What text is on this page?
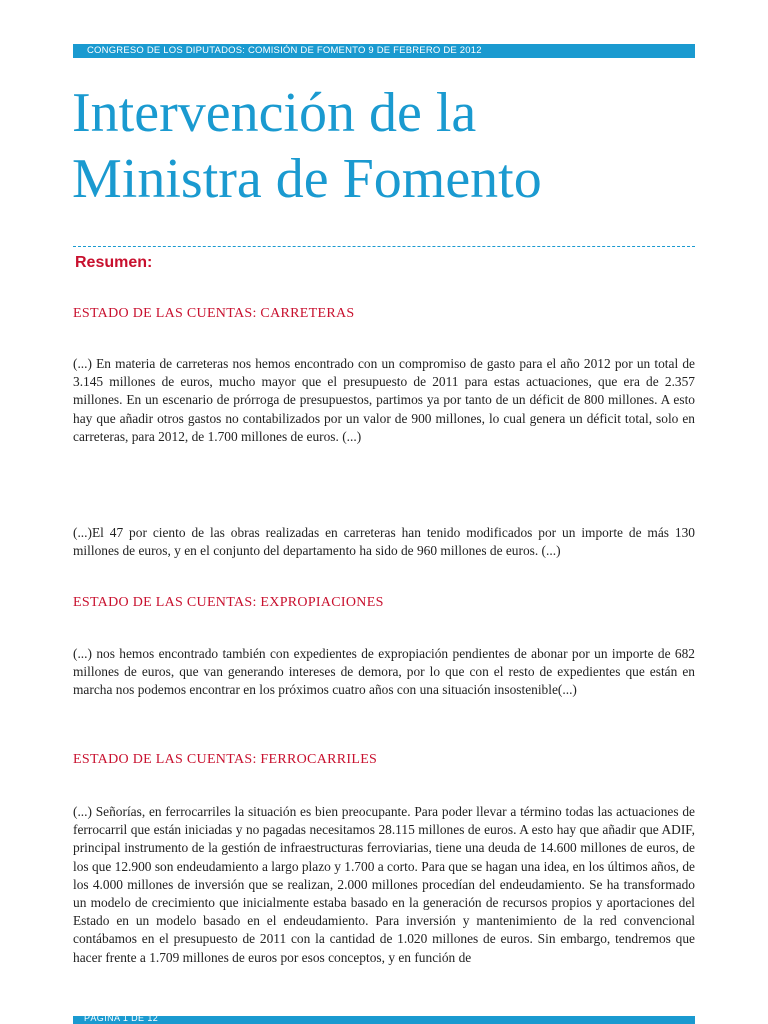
CONGRESO DE LOS DIPUTADOS: COMISIÓN DE FOMENTO 9 DE FEBRERO DE 2012
Intervención de la
Ministra de Fomento
Resumen:
ESTADO DE LAS CUENTAS: CARRETERAS

(...) En materia de carreteras nos hemos encontrado con un compromiso de gasto para el año 2012 por un total de 3.145 millones de euros, mucho mayor que el presupuesto de 2011 para estas actuaciones, que era de 2.357 millones. En un escenario de prórroga de presupuestos, partimos ya por tanto de un déficit de 800 millones. A esto hay que añadir otros gastos no contabilizados por un valor de 900 millones, lo cual genera un déficit total, solo en carreteras, para 2012, de 1.700 millones de euros. (...)

(...)El 47 por ciento de las obras realizadas en carreteras han tenido modificados por un importe de más 130 millones de euros, y en el conjunto del departamento ha sido de 960 millones de euros. (...)

ESTADO DE LAS CUENTAS: EXPROPIACIONES

(...) nos hemos encontrado también con expedientes de expropiación pendientes de abonar por un importe de 682 millones de euros, que van generando intereses de demora, por lo que con el resto de expedientes que están en marcha nos podemos encontrar en los próximos cuatro años con una situación insostenible(...)

ESTADO DE LAS CUENTAS: FERROCARRILES

(...) Señorías, en ferrocarriles la situación es bien preocupante. Para poder llevar a término todas las actuaciones de ferrocarril que están iniciadas y no pagadas necesitamos 28.115 millones de euros. A esto hay que añadir que ADIF, principal instrumento de la gestión de infraestructuras ferroviarias, tiene una deuda de 14.600 millones de euros, de los que 12.900 son endeudamiento a largo plazo y 1.700 a corto. Para que se hagan una idea, en los últimos años, de los 4.000 millones de inversión que se realizan, 2.000 millones procedían del endeudamiento. Se ha transformado un modelo de crecimiento que inicialmente estaba basado en la generación de recursos propios y aportaciones del Estado en un modelo basado en el endeudamiento. Para inversión y mantenimiento de la red convencional contábamos en el presupuesto de 2011 con la cantidad de 1.020 millones de euros. Sin embargo, tendremos que hacer frente a 1.709 millones de euros por esos conceptos, y en función de

PÁGINA 1 DE 12
